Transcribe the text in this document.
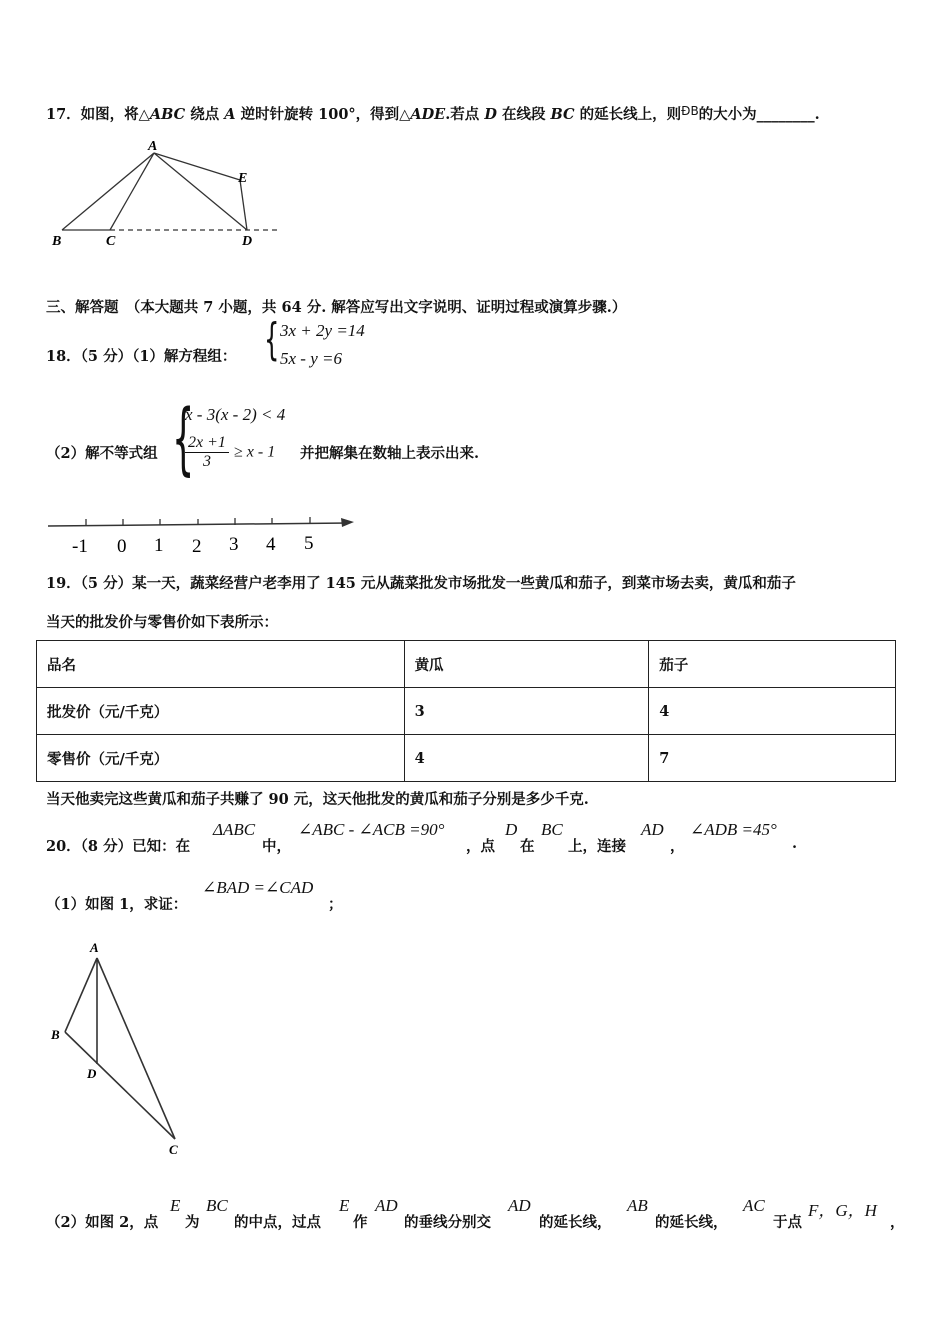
17．如图，将△ABC 绕点 A 逆时针旋转 100°，得到△ADE.若点 D 在线段 BC 的延长线上，则$^{ÐB}$的大小为________.
A
B	C	D
E
三、解答题　（本大题共 7 小题，共 64 分. 解答应写出文字说明、证明过程或演算步骤.）
18．（5 分）（1）解方程组： { 3x + 2y =14
5x - y =6
（2）解不等式组 {
x - 3(x - 2) < 4
$\frac{2x +1}{3} \ge x - 1$ 并把解集在数轴上表示出来.
-1 0 1 2 3 4 5
19．（5 分）某一天，蔬菜经营户老李用了 145 元从蔬菜批发市场批发一些黄瓜和茄子，到菜市场去卖，黄瓜和茄子
当天的批发价与零售价如下表所示：
品名	黄瓜	茄子
批发价（元/千克）	3	4
零售价（元/千克）	4	7
当天他卖完这些黄瓜和茄子共赚了 90 元，这天他批发的黄瓜和茄子分别是多少千克.
20．（8 分）已知：在
ΔABC
中，
∠ABC - ∠ACB =90°
，点
D
在
BC
上，连接
AD
，
∠ADB =45°
.
（1）如图 1，求证：
∠BAD =∠CAD
；
A
B
D
C
（2）如图 2，点
E
为
BC
的中点，过点
E
作
AD
的垂线分别交
AD
的延长线，
AB
的延长线，
AC
于点
F，G，H
，
